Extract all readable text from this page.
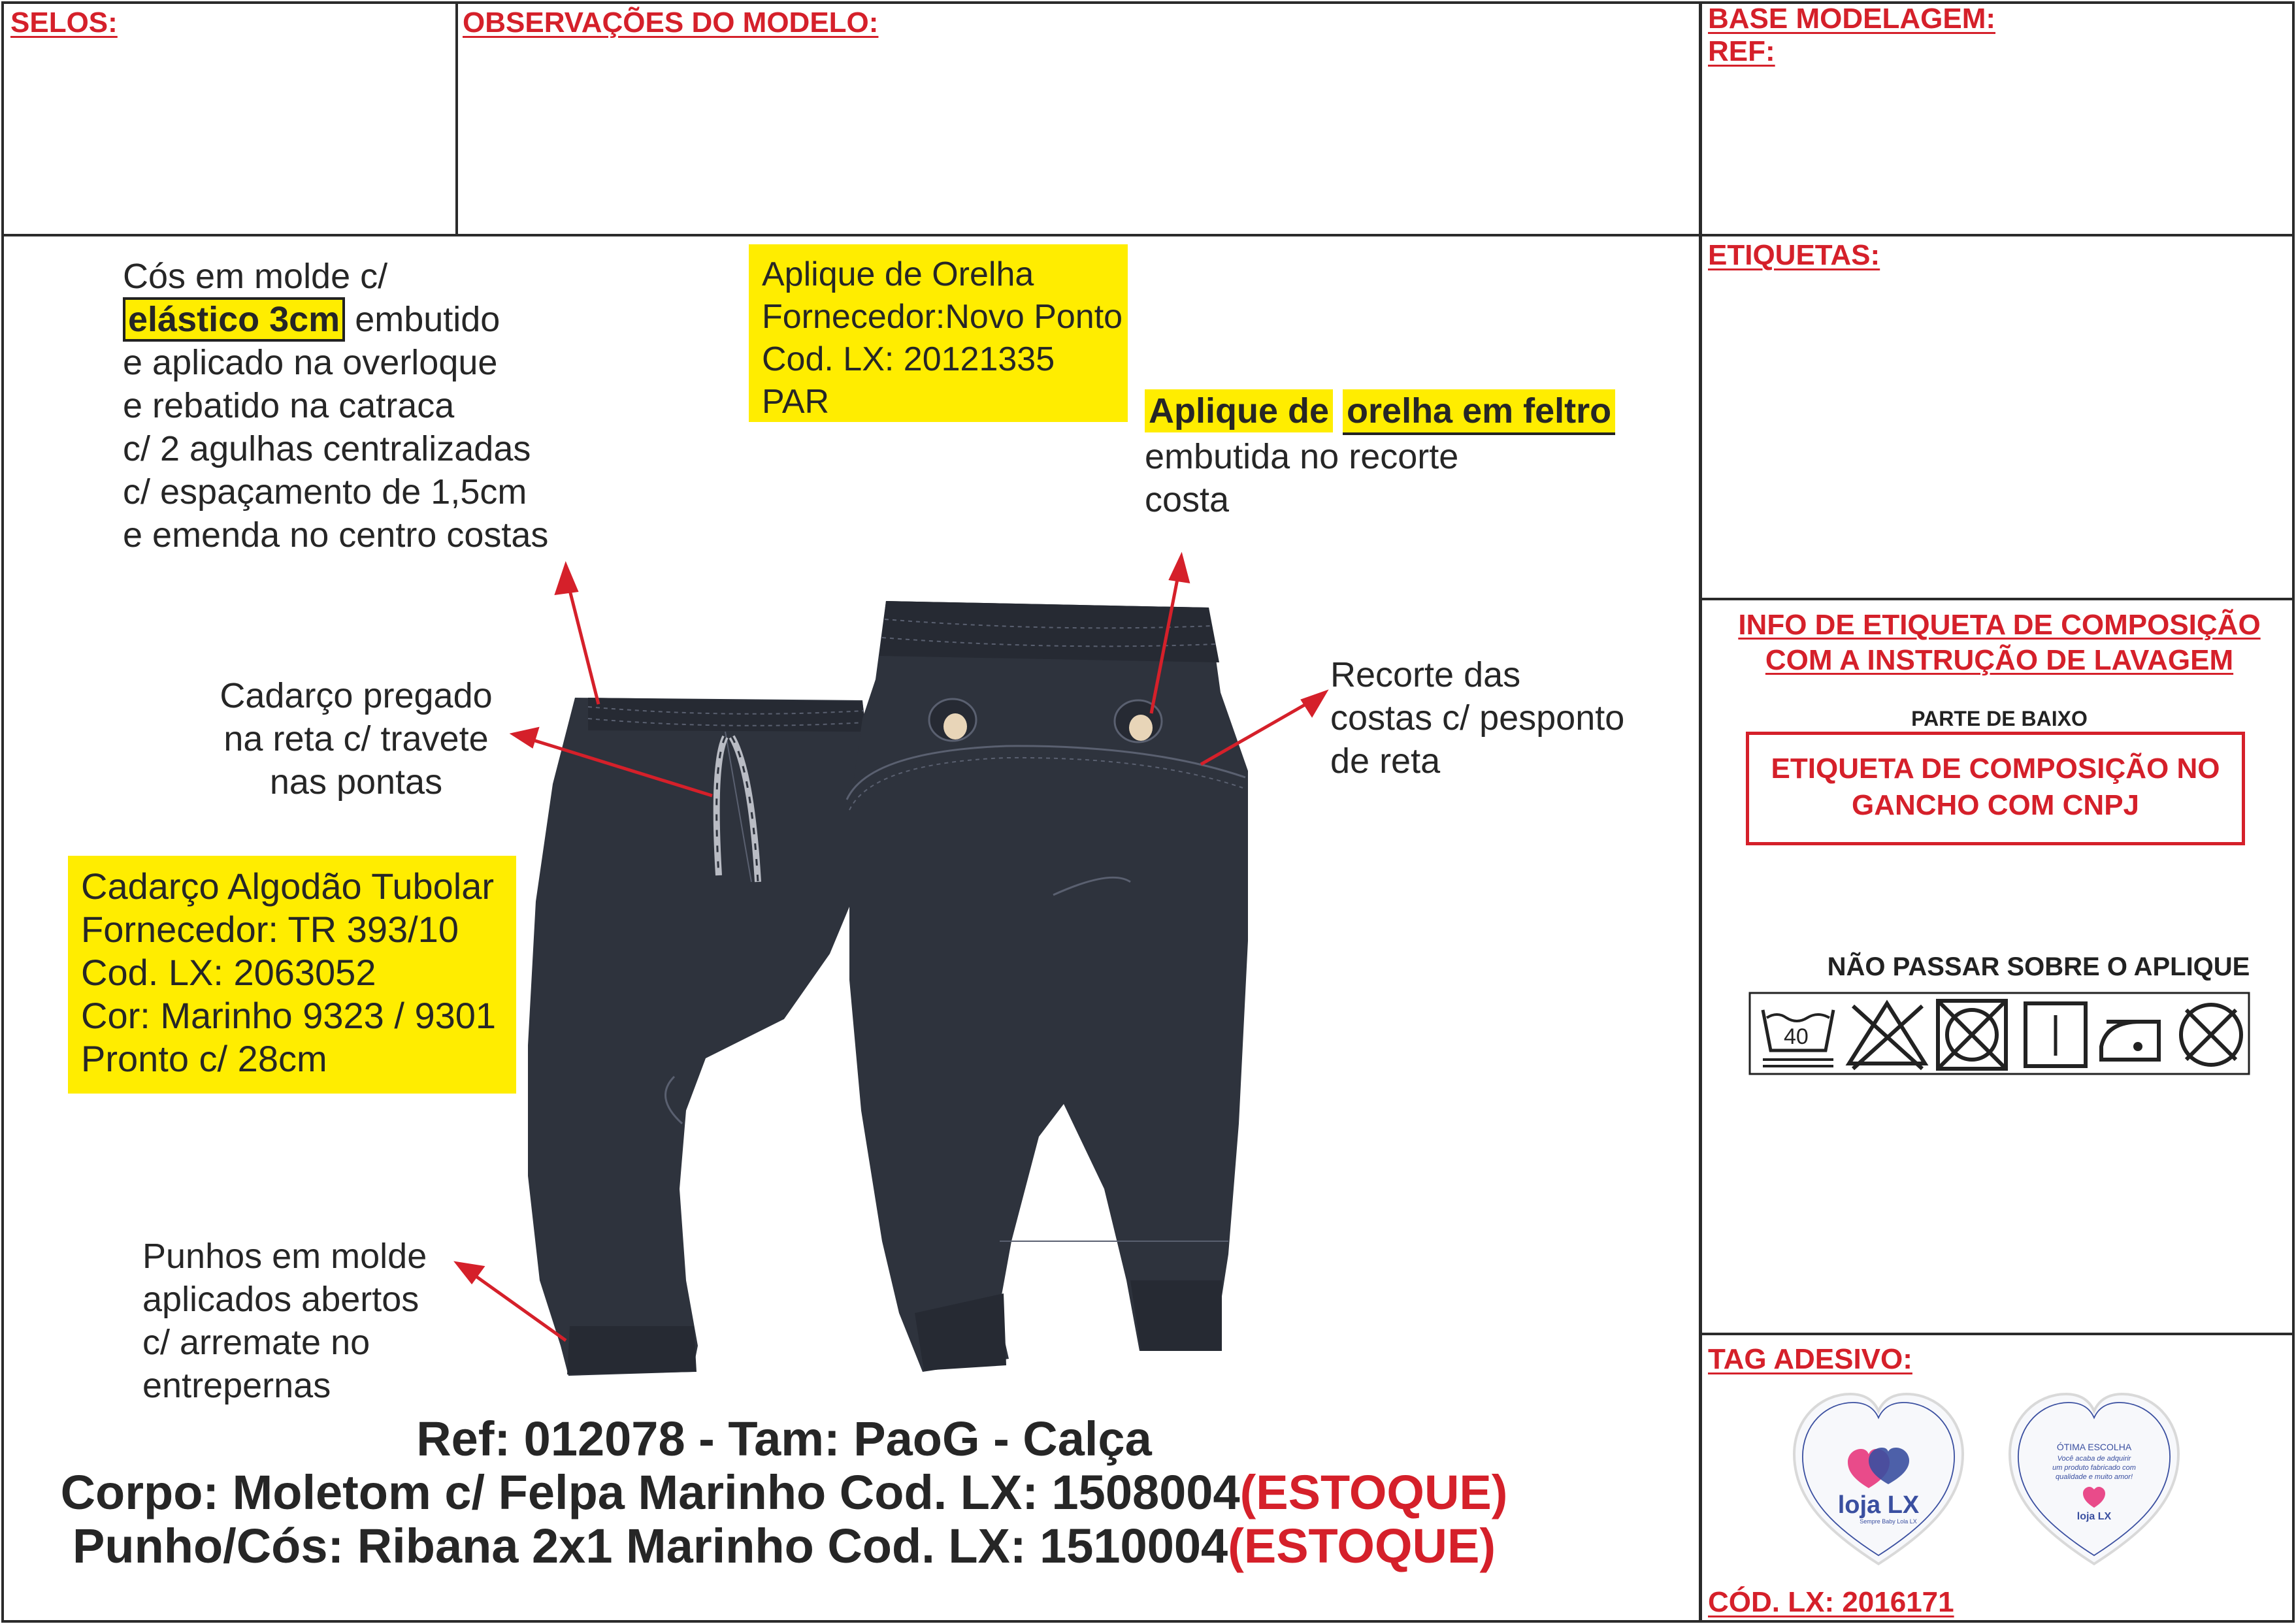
SELOS:	OBSERVAÇÕES DO MODELO:	BASE MODELAGEM:
REF:
ETIQUETAS:
INFO DE ETIQUETA DE COMPOSIÇÃO
COM A INSTRUÇÃO DE LAVAGEM
PARTE DE BAIXO
ETIQUETA DE COMPOSIÇÃO NO
GANCHO COM CNPJ
NÃO PASSAR SOBRE O APLIQUE
40
TAG ADESIVO:
loja LX
Sempre Baby Lola LX
ÓTIMA ESCOLHA
Você acaba de adquirir
um produto fabricado com
qualidade e muito amor!
loja LX
CÓD. LX: 2016171
Cós em molde c/
elástico 3cm embutido
e aplicado na overloque
e rebatido na catraca
c/ 2 agulhas centralizadas
c/ espaçamento de 1,5cm
e emenda no centro costas
Aplique de Orelha
Fornecedor:Novo Ponto
Cod. LX: 20121335
PAR	Aplique de orelha em feltro
embutida no recorte
costa
Cadarço pregado
na reta c/ travete
nas pontas
Recorte das
costas c/ pesponto
de reta
Cadarço Algodão Tubolar
Fornecedor: TR 393/10
Cod. LX: 2063052
Cor: Marinho 9323 / 9301
Pronto c/ 28cm
Punhos em molde
aplicados abertos
c/ arremate no
entrepernas
Ref: 012078 - Tam: PaoG - Calça
Corpo: Moletom c/ Felpa Marinho Cod. LX: 1508004(ESTOQUE)
Punho/Cós: Ribana 2x1 Marinho Cod. LX: 1510004(ESTOQUE)
